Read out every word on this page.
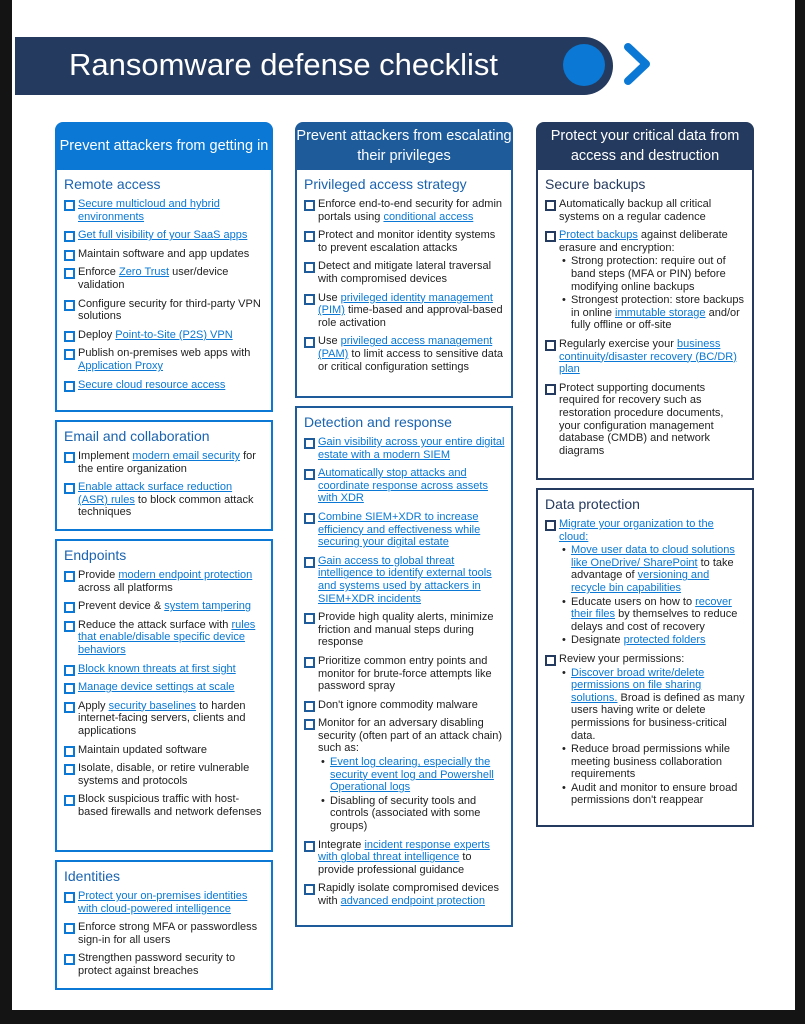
Ransomware defense checklist
Prevent attackers from getting in
Remote access
Secure multicloud and hybrid environments
Get full visibility of your SaaS apps
Maintain software and app updates
Enforce Zero Trust user/device validation
Configure security for third-party VPN solutions
Deploy Point-to-Site (P2S) VPN
Publish on-premises web apps with Application Proxy
Secure cloud resource access
Email and collaboration
Implement modern email security for the entire organization
Enable attack surface reduction (ASR) rules to block common attack techniques
Endpoints
Provide modern endpoint protection across all platforms
Prevent device & system tampering
Reduce the attack surface with rules that enable/disable specific device behaviors
Block known threats at first sight
Manage device settings at scale
Apply security baselines to harden internet-facing servers, clients and applications
Maintain updated software
Isolate, disable, or retire vulnerable systems and protocols
Block suspicious traffic with host-based firewalls and network defenses
Identities
Protect your on-premises identities with cloud-powered intelligence
Enforce strong MFA or passwordless sign-in for all users
Strengthen password security to protect against breaches
Prevent attackers from escalating their privileges
Privileged access strategy
Enforce end-to-end security for admin portals using conditional access
Protect and monitor identity systems to prevent escalation attacks
Detect and mitigate lateral traversal with compromised devices
Use privileged identity management (PIM) time-based and approval-based role activation
Use privileged access management (PAM) to limit access to sensitive data or critical configuration settings
Detection and response
Gain visibility across your entire digital estate with a modern SIEM
Automatically stop attacks and coordinate response across assets with XDR
Combine SIEM+XDR to increase efficiency and effectiveness while securing your digital estate
Gain access to global threat intelligence to identify external tools and systems used by attackers in SIEM+XDR incidents
Provide high quality alerts, minimize friction and manual steps during response
Prioritize common entry points and monitor for brute-force attempts like password spray
Don't ignore commodity malware
Monitor for an adversary disabling security (often part of an attack chain) such as:
• Event log clearing, especially the security event log and Powershell Operational logs
• Disabling of security tools and controls (associated with some groups)
Integrate incident response experts with global threat intelligence to provide professional guidance
Rapidly isolate compromised devices with advanced endpoint protection
Protect your critical data from access and destruction
Secure backups
Automatically backup all critical systems on a regular cadence
Protect backups against deliberate erasure and encryption:
• Strong protection: require out of band steps (MFA or PIN) before modifying online backups
• Strongest protection: store backups in online immutable storage and/or fully offline or off-site
Regularly exercise your business continuity/disaster recovery (BC/DR) plan
Protect supporting documents required for recovery such as restoration procedure documents, your configuration management database (CMDB) and network diagrams
Data protection
Migrate your organization to the cloud:
• Move user data to cloud solutions like OneDrive/ SharePoint to take advantage of versioning and recycle bin capabilities
• Educate users on how to recover their files by themselves to reduce delays and cost of recovery
• Designate protected folders
Review your permissions:
• Discover broad write/delete permissions on file sharing solutions. Broad is defined as many users having write or delete permissions for business-critical data.
• Reduce broad permissions while meeting business collaboration requirements
• Audit and monitor to ensure broad permissions don't reappear
